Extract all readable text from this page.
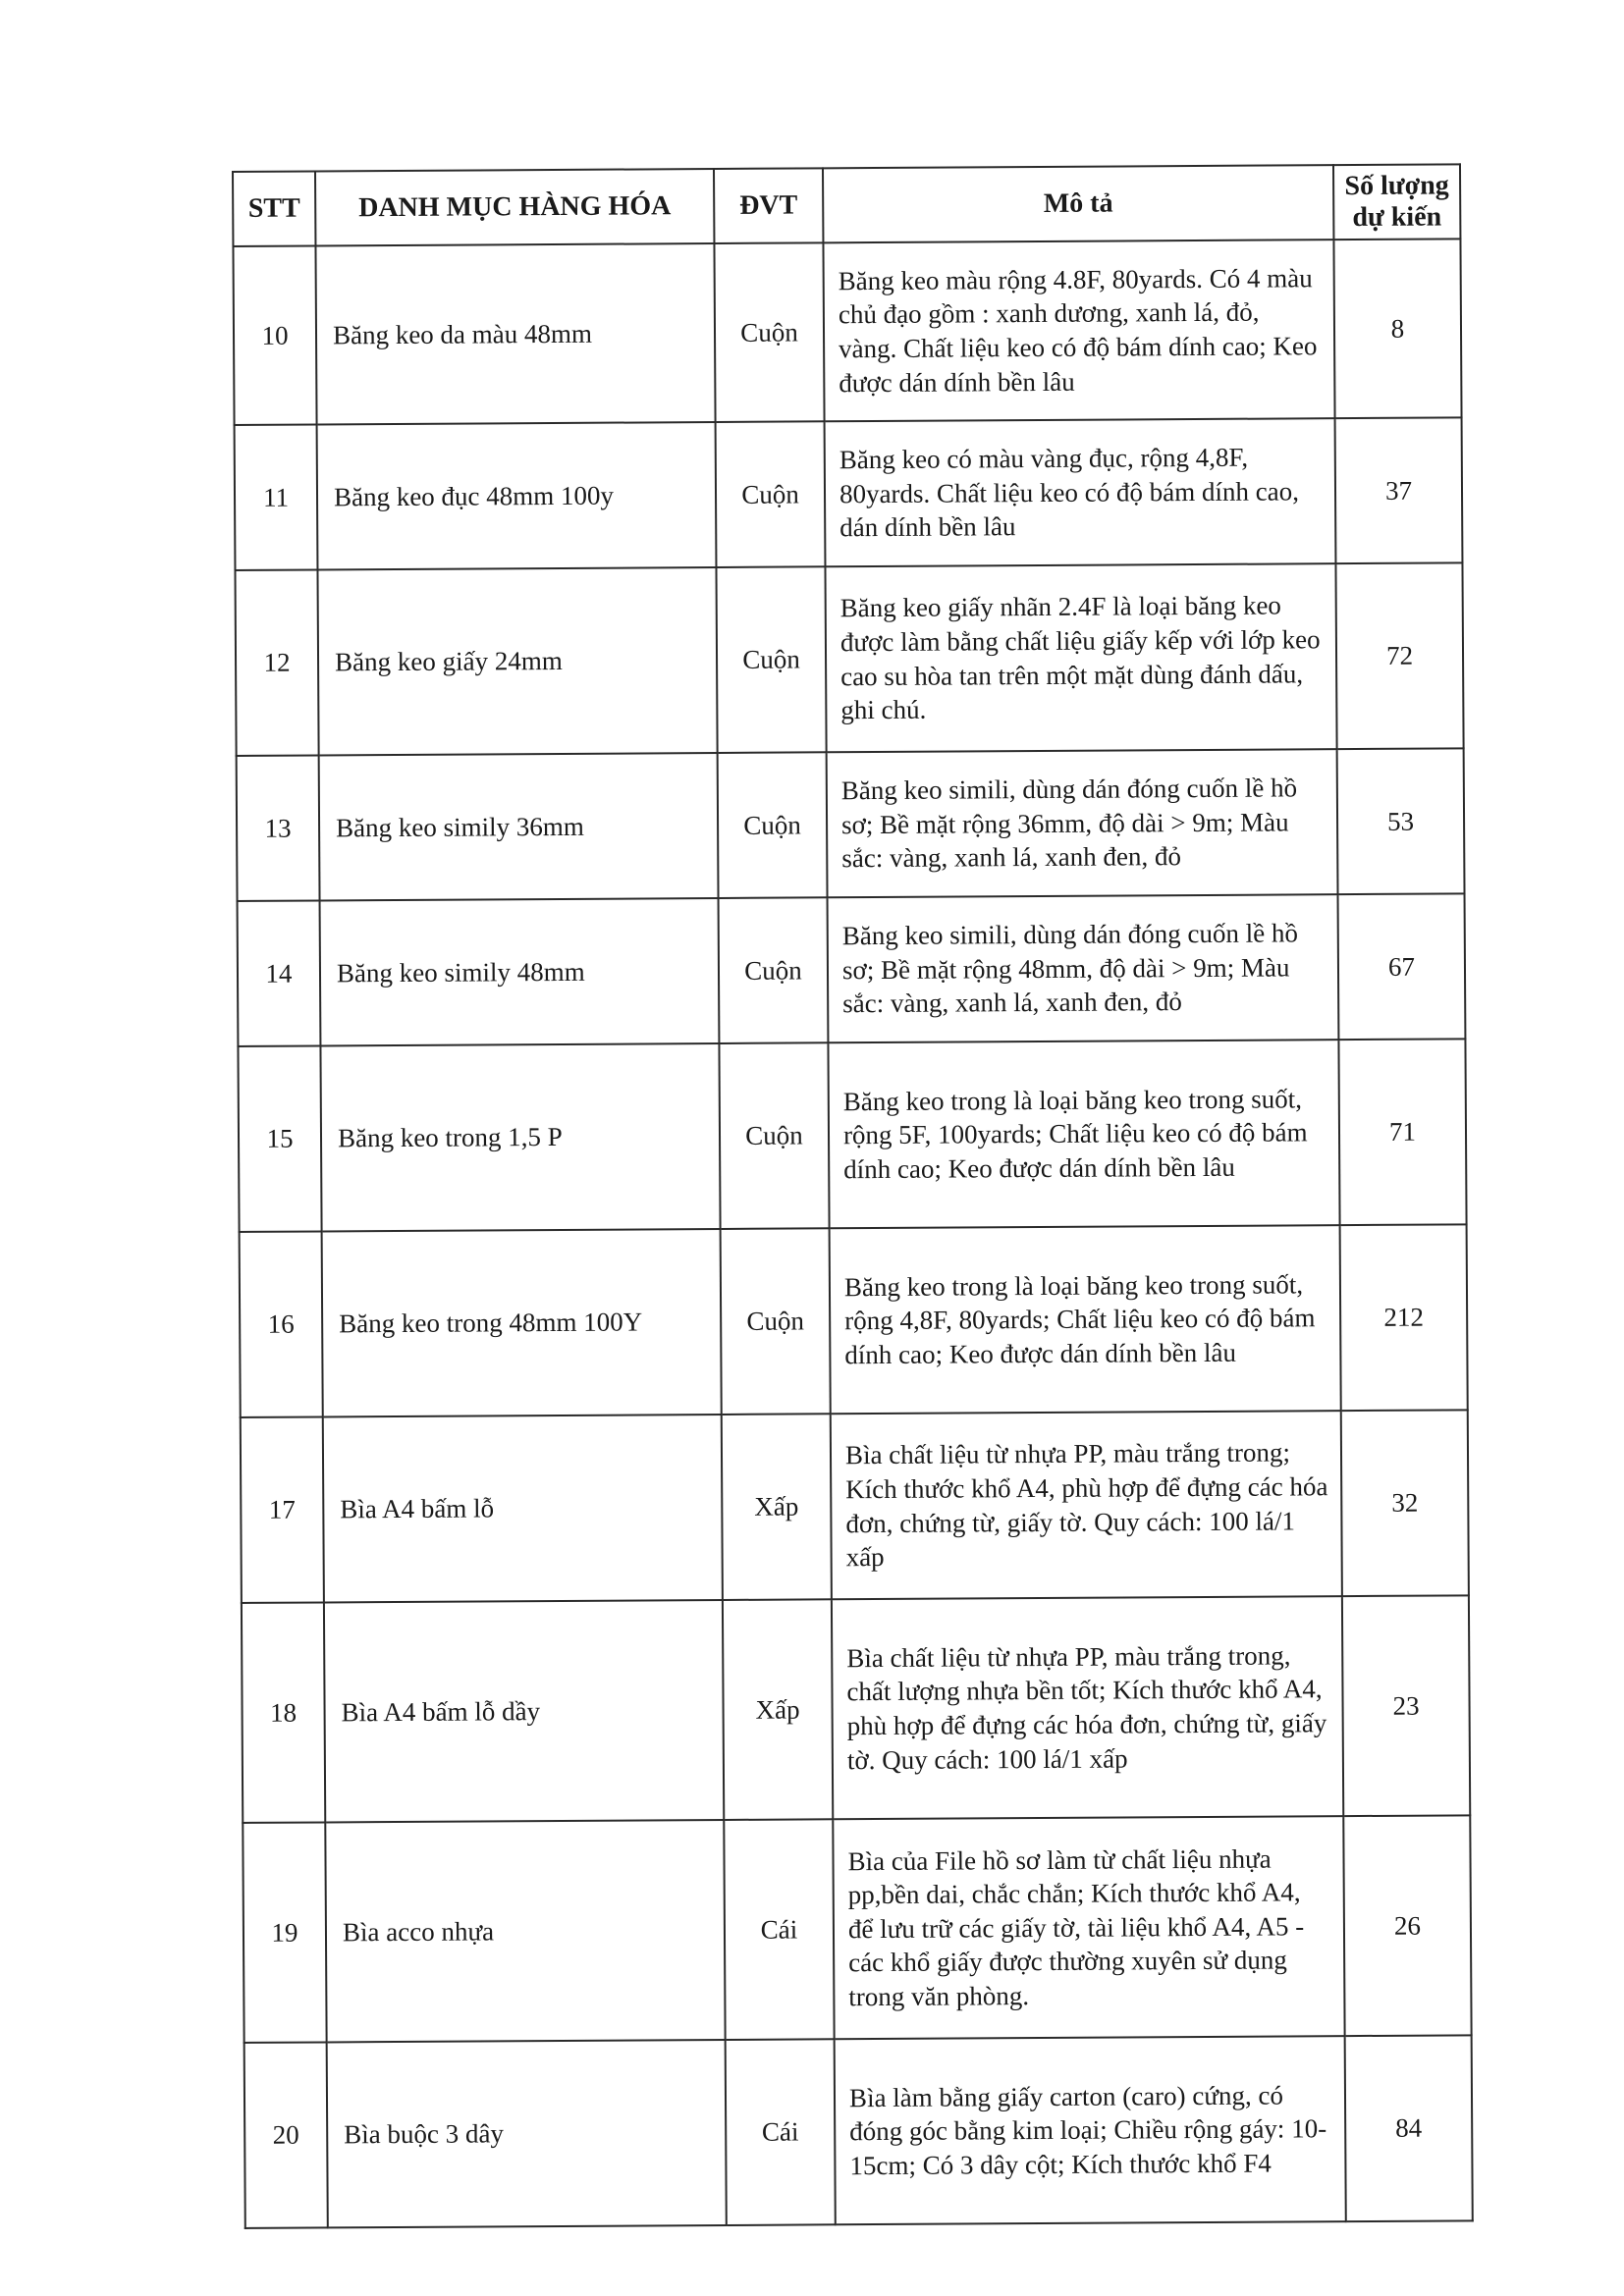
STT	DANH MỤC HÀNG HÓA	ĐVT	Mô tả	Số lượng
dự kiến

10	Băng keo da màu 48mm	Cuộn	Băng keo màu rộng 4.8F, 80yards. Có 4 màu chủ đạo gồm : xanh dương, xanh lá, đỏ, vàng. Chất liệu keo có độ bám dính cao; Keo được dán dính bền lâu	8
11	Băng keo đục 48mm 100y	Cuộn	Băng keo có màu vàng đục, rộng 4,8F, 80yards. Chất liệu keo có độ bám dính cao, dán dính bền lâu	37
12	Băng keo giấy 24mm	Cuộn	Băng keo giấy nhãn 2.4F là loại băng keo được làm bằng chất liệu giấy kếp với lớp keo cao su hòa tan trên một mặt dùng đánh dấu, ghi chú.	72
13	Băng keo simily 36mm	Cuộn	Băng keo simili, dùng dán đóng cuốn lề hồ sơ; Bề mặt rộng 36mm, độ dài > 9m; Màu sắc: vàng, xanh lá, xanh đen, đỏ	53
14	Băng keo simily 48mm	Cuộn	Băng keo simili, dùng dán đóng cuốn lề hồ sơ; Bề mặt rộng 48mm, độ dài > 9m; Màu sắc: vàng, xanh lá, xanh đen, đỏ	67
15	Băng keo trong 1,5 P	Cuộn	Băng keo trong là loại băng keo trong suốt, rộng 5F, 100yards; Chất liệu keo có độ bám dính cao; Keo được dán dính bền lâu	71
16	Băng keo trong 48mm 100Y	Cuộn	Băng keo trong là loại băng keo trong suốt, rộng 4,8F, 80yards; Chất liệu keo có độ bám dính cao; Keo được dán dính bền lâu	212
17	Bìa A4 bấm lỗ	Xấp	Bìa chất liệu từ nhựa PP, màu trắng trong; Kích thước khổ A4, phù hợp để đựng các hóa đơn, chứng từ, giấy tờ. Quy cách: 100 lá/1 xấp	32
18	Bìa A4 bấm lỗ dầy	Xấp	Bìa chất liệu từ nhựa PP, màu trắng trong, chất lượng nhựa bền tốt; Kích thước khổ A4, phù hợp để đựng các hóa đơn, chứng từ, giấy tờ. Quy cách: 100 lá/1 xấp	23
19	Bìa acco nhựa	Cái	Bìa của File hồ sơ làm từ chất liệu nhựa pp,bền dai, chắc chắn; Kích thước khổ A4, để lưu trữ các giấy tờ, tài liệu khổ A4, A5 - các khổ giấy được thường xuyên sử dụng trong văn phòng.	26
20	Bìa buộc 3 dây	Cái	Bìa làm bằng giấy carton (caro) cứng, có đóng góc bằng kim loại; Chiều rộng gáy: 10-15cm; Có 3 dây cột; Kích thước khổ F4	84
